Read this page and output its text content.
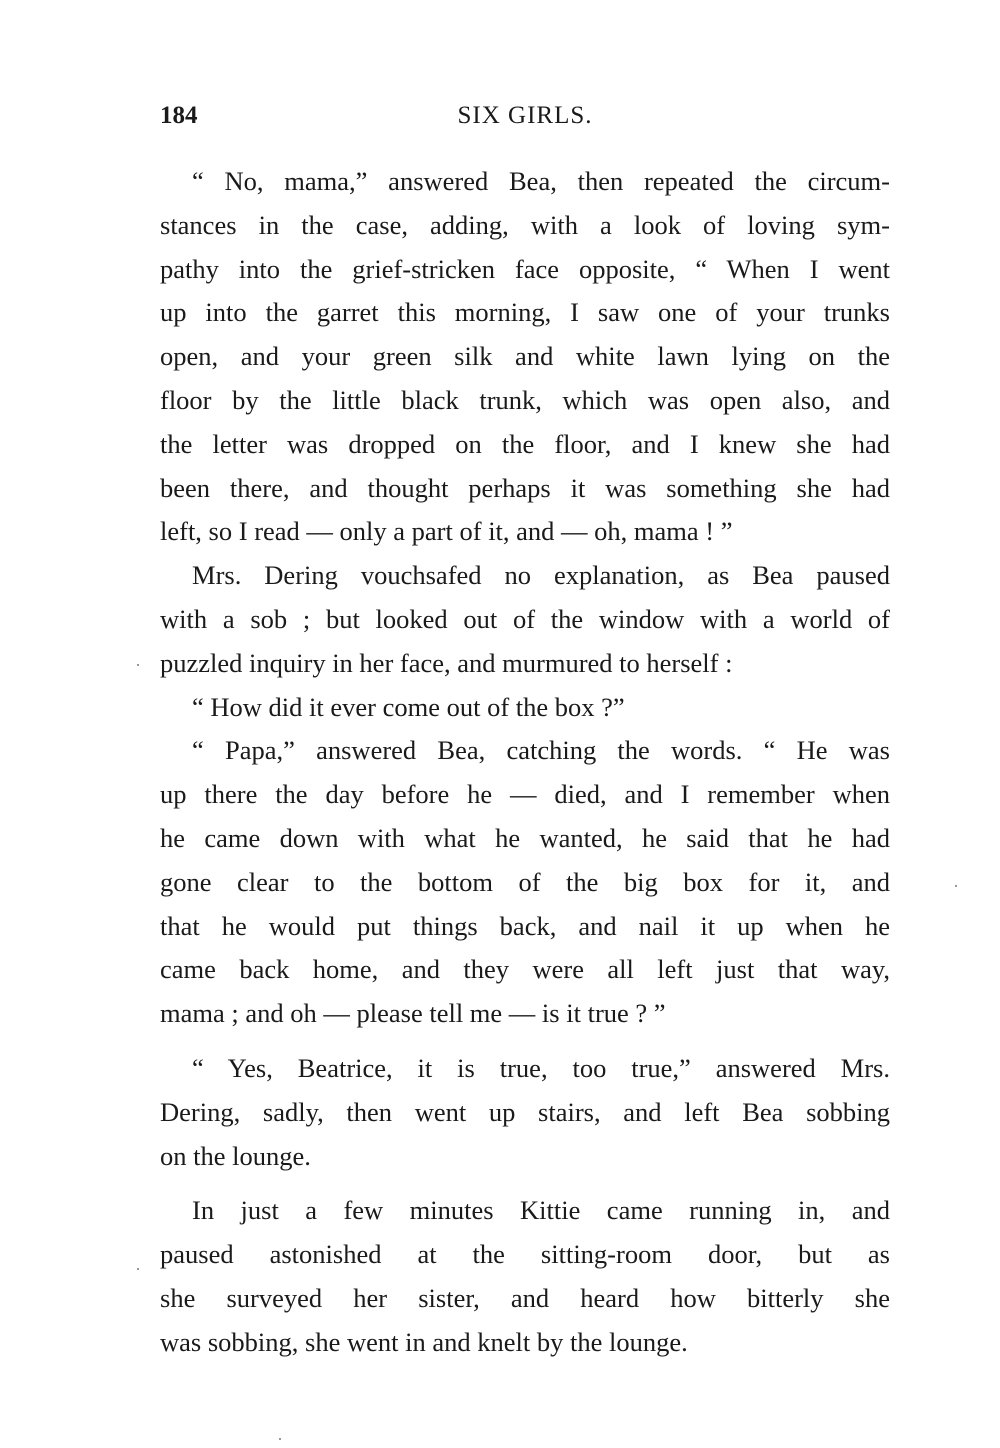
184	SIX GIRLS.

“ No, mama,” answered Bea, then repeated the circum-
stances in the case, adding, with a look of loving sym-
pathy into the grief-stricken face opposite, “ When I went
up into the garret this morning, I saw one of your trunks
open, and your green silk and white lawn lying on the
floor by the little black trunk, which was open also, and
the letter was dropped on the floor, and I knew she had
been there, and thought perhaps it was something she had
left, so I read — only a part of it, and — oh, mama ! ”

Mrs. Dering vouchsafed no explanation, as Bea paused
with a sob ; but looked out of the window with a world of
puzzled inquiry in her face, and murmured to herself :

“ How did it ever come out of the box ?”

“ Papa,” answered Bea, catching the words. “ He was
up there the day before he — died, and I remember when
he came down with what he wanted, he said that he had
gone clear to the bottom of the big box for it, and
that he would put things back, and nail it up when he
came back home, and they were all left just that way,
mama ; and oh — please tell me — is it true ? ”

“ Yes, Beatrice, it is true, too true,” answered Mrs.
Dering, sadly, then went up stairs, and left Bea sobbing
on the lounge.

In just a few minutes Kittie came running in, and
paused astonished at the sitting-room door, but as
she surveyed her sister, and heard how bitterly she
was sobbing, she went in and knelt by the lounge.
